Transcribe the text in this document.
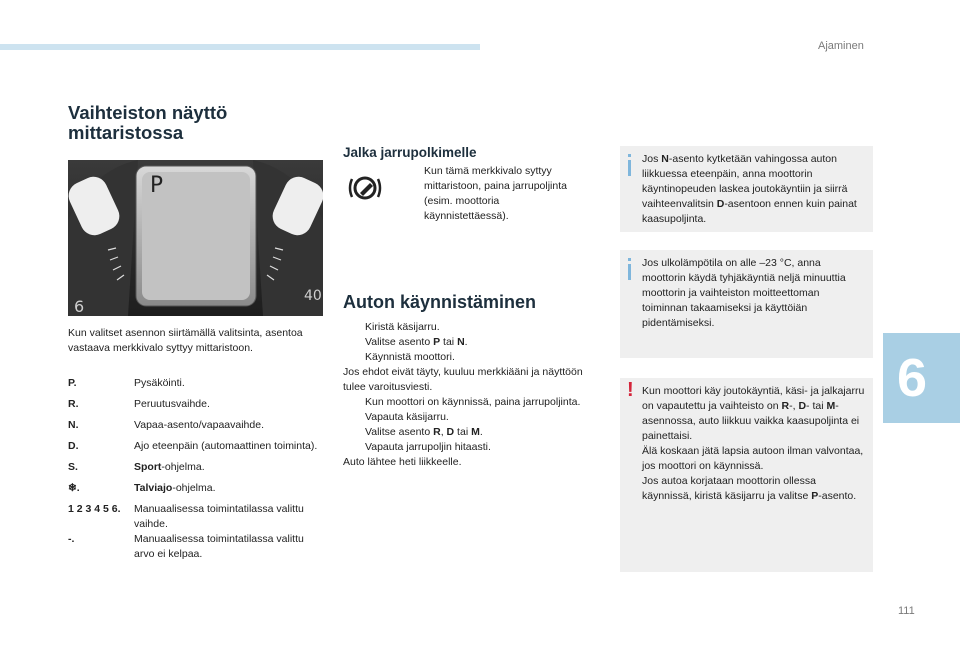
Ajaminen
6
111
Vaihteiston näyttö
mittaristossa
P
6
40
Kun valitset asennon siirtämällä valitsinta, asentoa vastaava merkkivalo syttyy mittaristoon.
P.	Pysäköinti.
R.	Peruutusvaihde.
N.	Vapaa-asento/vapaavaihde.
D.	Ajo eteenpäin (automaattinen toiminta).
S.	Sport-ohjelma.
❄.	Talviajo-ohjelma.
1 2 3 4 5 6.	Manuaalisessa toimintatilassa valittu vaihde.
-.	Manuaalisessa toimintatilassa valittu arvo ei kelpaa.
Jalka jarrupolkimelle
Kun tämä merkkivalo syttyy mittaristoon, paina jarrupoljinta (esim. moottoria käynnistettäessä).
Auton käynnistäminen
Kiristä käsijarru.
Valitse asento P tai N.
Käynnistä moottori.
Jos ehdot eivät täyty, kuuluu merkkiääni ja näyttöön tulee varoitusviesti.
Kun moottori on käynnissä, paina jarrupoljinta.
Vapauta käsijarru.
Valitse asento R, D tai M.
Vapauta jarrupoljin hitaasti.
Auto lähtee heti liikkeelle.
Jos N-asento kytketään vahingossa auton liikkuessa eteenpäin, anna moottorin käyntinopeuden laskea joutokäyntiin ja siirrä vaihteenvalitsin D-asentoon ennen kuin painat kaasupoljinta.
Jos ulkolämpötila on alle –23 °C, anna moottorin käydä tyhjäkäyntiä neljä minuuttia moottorin ja vaihteiston moitteettoman toiminnan takaamiseksi ja käyttöiän pidentämiseksi.
! Kun moottori käy joutokäyntiä, käsi- ja jalkajarru on vapautettu ja vaihteisto on R-, D- tai M-asennossa, auto liikkuu vaikka kaasupoljinta ei painettaisi.
Älä koskaan jätä lapsia autoon ilman valvontaa, jos moottori on käynnissä.
Jos autoa korjataan moottorin ollessa käynnissä, kiristä käsijarru ja valitse P-asento.
